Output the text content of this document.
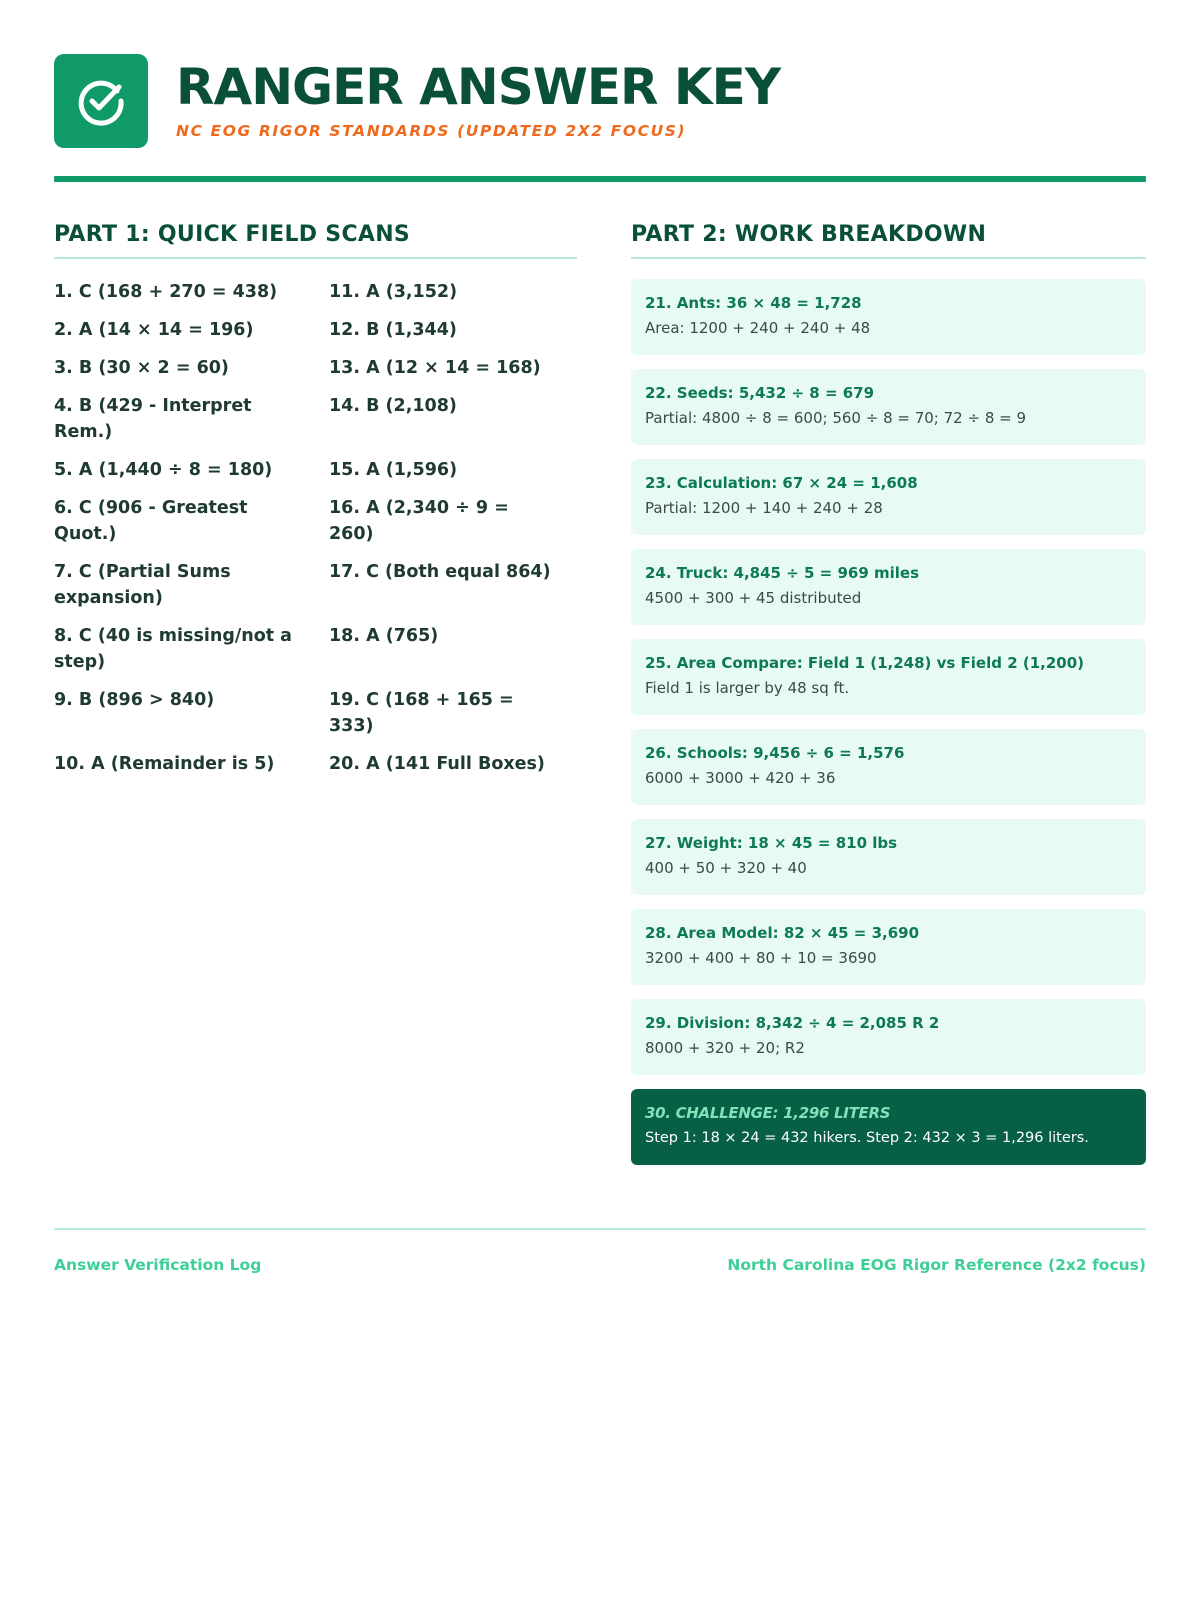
RANGER ANSWER KEY
NC EOG RIGOR STANDARDS (UPDATED 2X2 FOCUS)
PART 1: QUICK FIELD SCANS
1. C (168 + 270 = 438)
2. A (14 × 14 = 196)
3. B (30 × 2 = 60)
4. B (429 - Interpret Rem.)
5. A (1,440 ÷ 8 = 180)
6. C (906 - Greatest Quot.)
7. C (Partial Sums expansion)
8. C (40 is missing/not a step)
9. B (896 > 840)
10. A (Remainder is 5)
11. A (3,152)
12. B (1,344)
13. A (12 × 14 = 168)
14. B (2,108)
15. A (1,596)
16. A (2,340 ÷ 9 = 260)
17. C (Both equal 864)
18. A (765)
19. C (168 + 165 = 333)
20. A (141 Full Boxes)
PART 2: WORK BREAKDOWN
21. Ants: 36 × 48 = 1,728
Area: 1200 + 240 + 240 + 48
22. Seeds: 5,432 ÷ 8 = 679
Partial: 4800 ÷ 8 = 600; 560 ÷ 8 = 70; 72 ÷ 8 = 9
23. Calculation: 67 × 24 = 1,608
Partial: 1200 + 140 + 240 + 28
24. Truck: 4,845 ÷ 5 = 969 miles
4500 + 300 + 45 distributed
25. Area Compare: Field 1 (1,248) vs Field 2 (1,200)
Field 1 is larger by 48 sq ft.
26. Schools: 9,456 ÷ 6 = 1,576
6000 + 3000 + 420 + 36
27. Weight: 18 × 45 = 810 lbs
400 + 50 + 320 + 40
28. Area Model: 82 × 45 = 3,690
3200 + 400 + 80 + 10 = 3690
29. Division: 8,342 ÷ 4 = 2,085 R 2
8000 + 320 + 20; R2
30. CHALLENGE: 1,296 LITERS
Step 1: 18 × 24 = 432 hikers. Step 2: 432 × 3 = 1,296 liters.
Answer Verification Log	North Carolina EOG Rigor Reference (2x2 focus)
